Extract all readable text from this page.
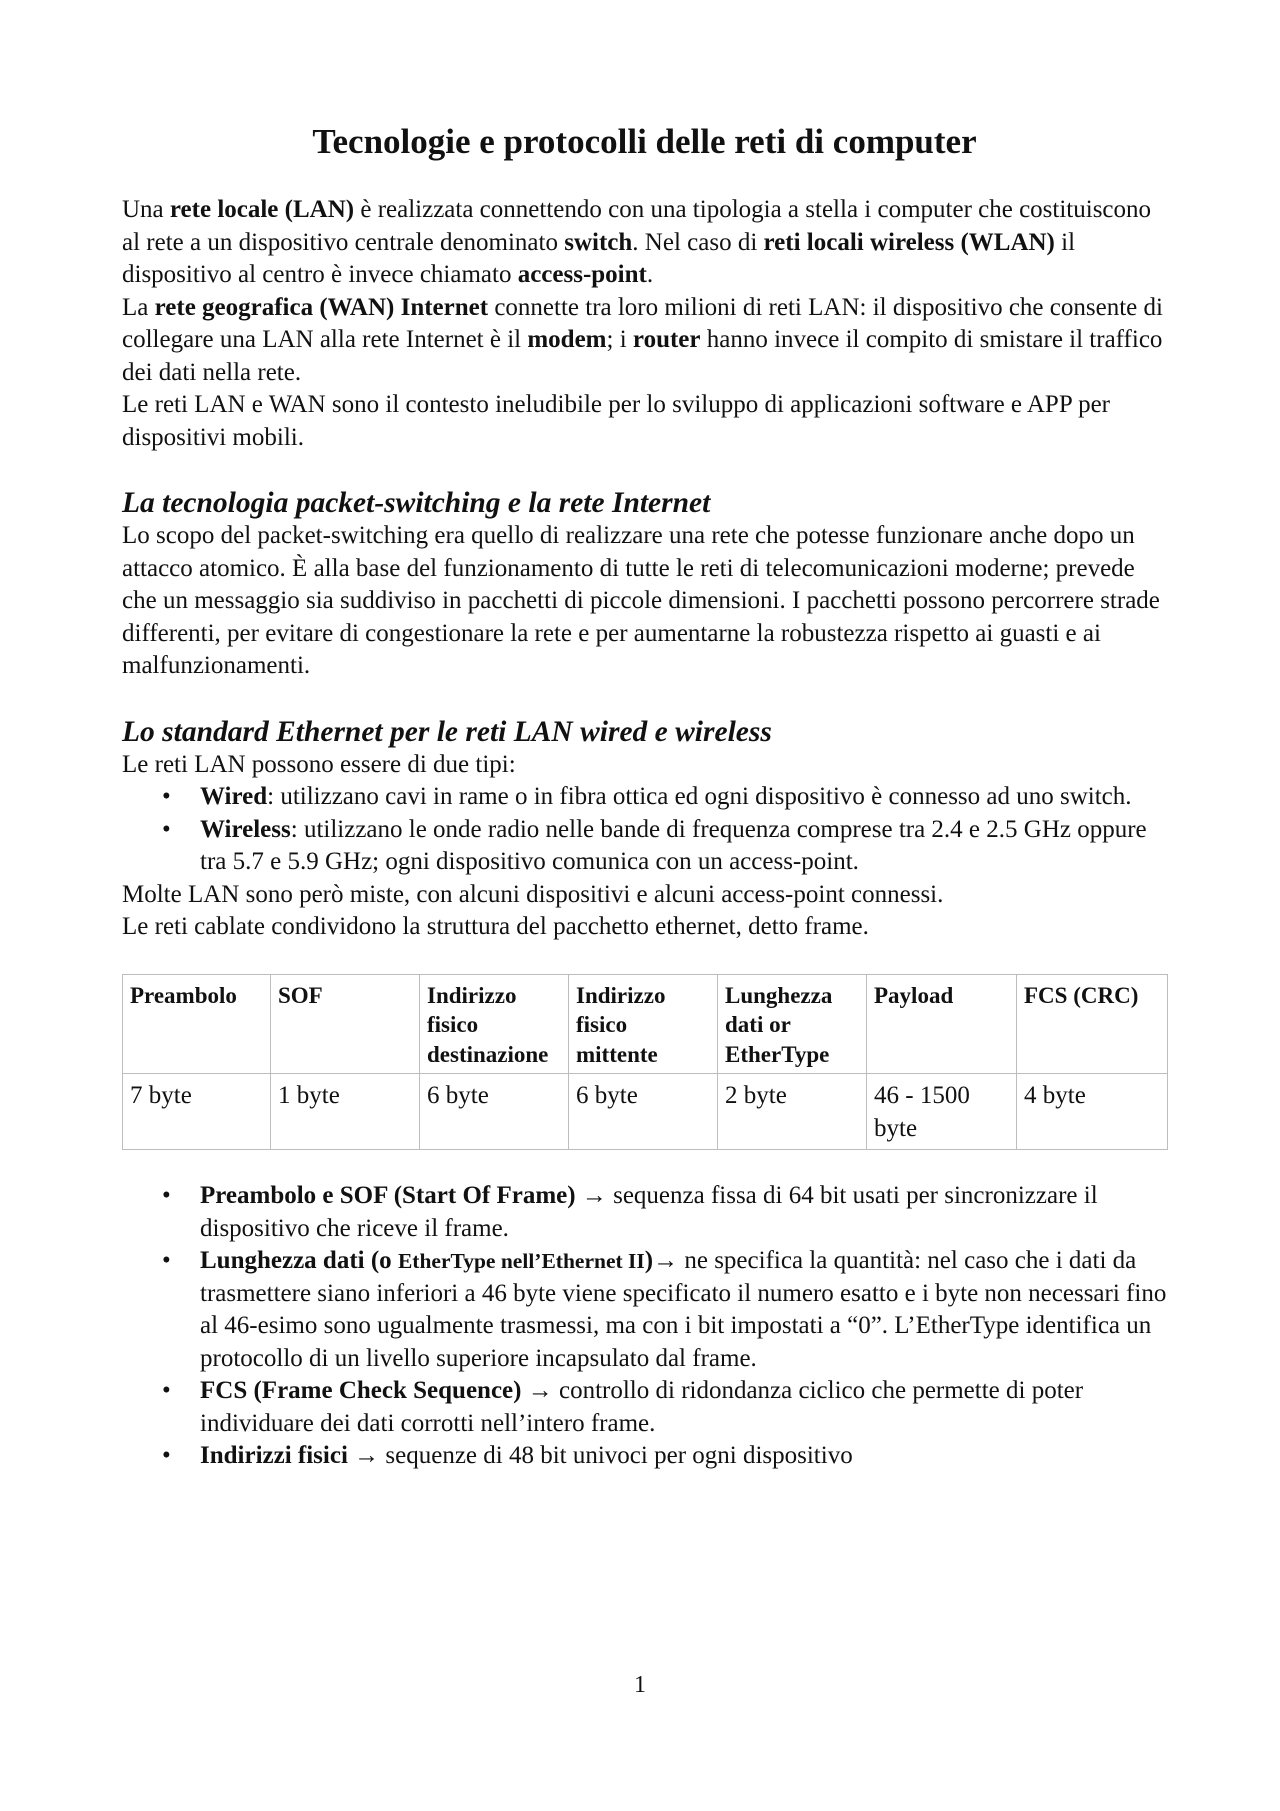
Tecnologie e protocolli delle reti di computer

Una rete locale (LAN) è realizzata connettendo con una tipologia a stella i computer che costituiscono al rete a un dispositivo centrale denominato switch. Nel caso di reti locali wireless (WLAN) il dispositivo al centro è invece chiamato access-point.

La rete geografica (WAN) Internet connette tra loro milioni di reti LAN: il dispositivo che consente di collegare una LAN alla rete Internet è il modem; i router hanno invece il compito di smistare il traffico dei dati nella rete.

Le reti LAN e WAN sono il contesto ineludibile per lo sviluppo di applicazioni software e APP per dispositivi mobili.

La tecnologia packet-switching e la rete Internet

Lo scopo del packet-switching era quello di realizzare una rete che potesse funzionare anche dopo un attacco atomico. È alla base del funzionamento di tutte le reti di telecomunicazioni moderne; prevede che un messaggio sia suddiviso in pacchetti di piccole dimensioni. I pacchetti possono percorrere strade differenti, per evitare di congestionare la rete e per aumentarne la robustezza rispetto ai guasti e ai malfunzionamenti.

Lo standard Ethernet per le reti LAN wired e wireless

Le reti LAN possono essere di due tipi:

• Wired: utilizzano cavi in rame o in fibra ottica ed ogni dispositivo è connesso ad uno switch.
• Wireless: utilizzano le onde radio nelle bande di frequenza comprese tra 2.4 e 2.5 GHz oppure tra 5.7 e 5.9 GHz; ogni dispositivo comunica con un access-point.

Molte LAN sono però miste, con alcuni dispositivi e alcuni access-point connessi.

Le reti cablate condividono la struttura del pacchetto ethernet, detto frame.

Preambolo	SOF	Indirizzo fisico destinazione	Indirizzo fisico mittente	Lunghezza dati or EtherType	Payload	FCS (CRC)
7 byte	1 byte	6 byte	6 byte	2 byte	46 - 1500 byte	4 byte
• Preambolo e SOF (Start Of Frame) → sequenza fissa di 64 bit usati per sincronizzare il dispositivo che riceve il frame.
• Lunghezza dati (o EtherType nell’Ethernet II)→ ne specifica la quantità: nel caso che i dati da trasmettere siano inferiori a 46 byte viene specificato il numero esatto e i byte non necessari fino al 46-esimo sono ugualmente trasmessi, ma con i bit impostati a “0”. L’EtherType identifica un protocollo di un livello superiore incapsulato dal frame.
• FCS (Frame Check Sequence) → controllo di ridondanza ciclico che permette di poter individuare dei dati corrotti nell’intero frame.
• Indirizzi fisici → sequenze di 48 bit univoci per ogni dispositivo
1
